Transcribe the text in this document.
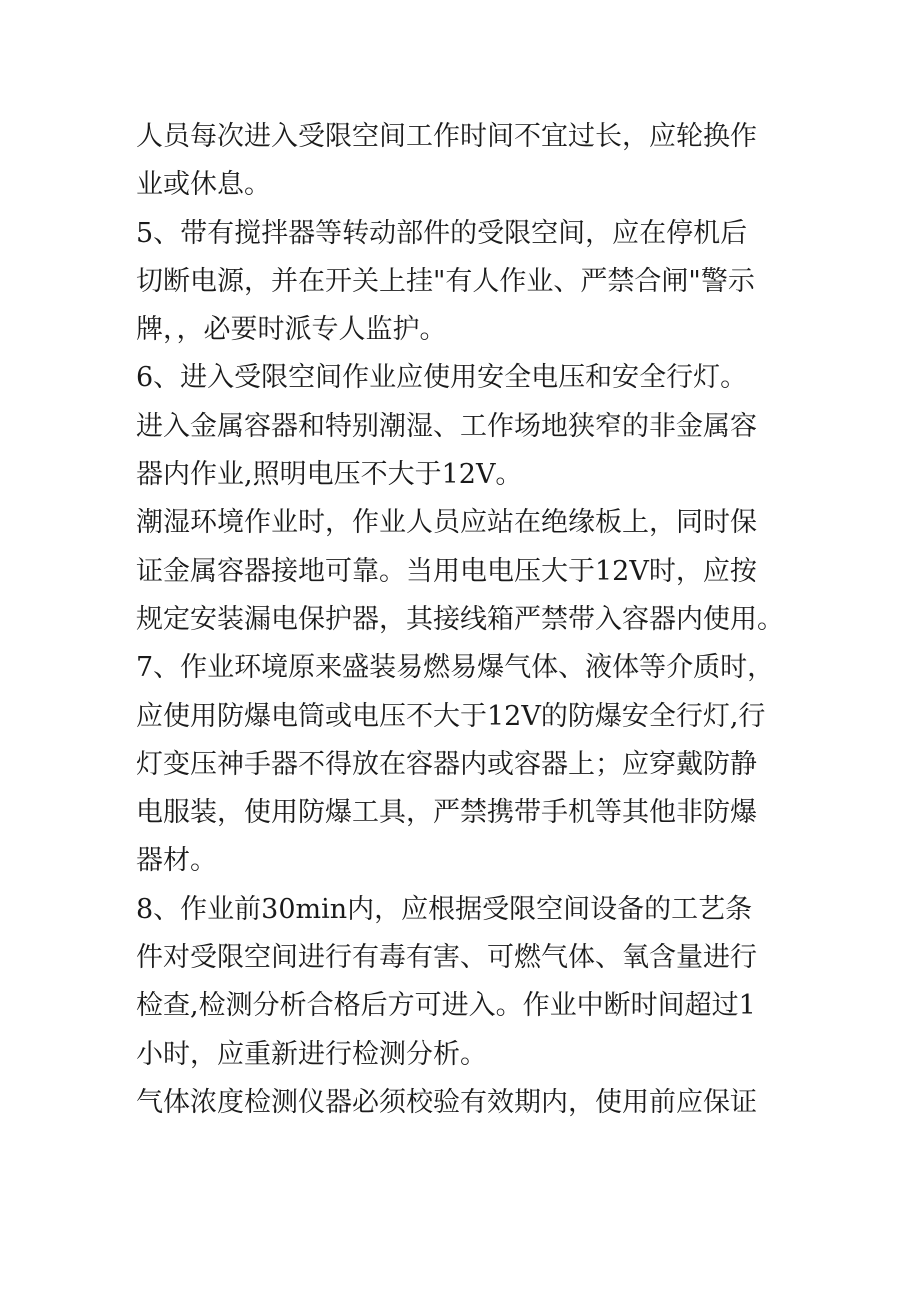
人员每次进入受限空间工作时间不宜过长，应轮换作
业或休息。
5、带有搅拌器等转动部件的受限空间，应在停机后
切断电源，并在开关上挂"有人作业、严禁合闸"警示
牌，，必要时派专人监护。
6、进入受限空间作业应使用安全电压和安全行灯。
进入金属容器和特别潮湿、工作场地狭窄的非金属容
器内作业,照明电压不大于12V。
潮湿环境作业时，作业人员应站在绝缘板上，同时保
证金属容器接地可靠。当用电电压大于12V时，应按
规定安装漏电保护器，其接线箱严禁带入容器内使用。
7、作业环境原来盛装易燃易爆气体、液体等介质时，
应使用防爆电筒或电压不大于12V的防爆安全行灯,行
灯变压神手器不得放在容器内或容器上；应穿戴防静
电服装，使用防爆工具，严禁携带手机等其他非防爆
器材。
8、作业前30min内，应根据受限空间设备的工艺条
件对受限空间进行有毒有害、可燃气体、氧含量进行
检查,检测分析合格后方可进入。作业中断时间超过1
小时，应重新进行检测分析。
气体浓度检测仪器必须校验有效期内，使用前应保证
